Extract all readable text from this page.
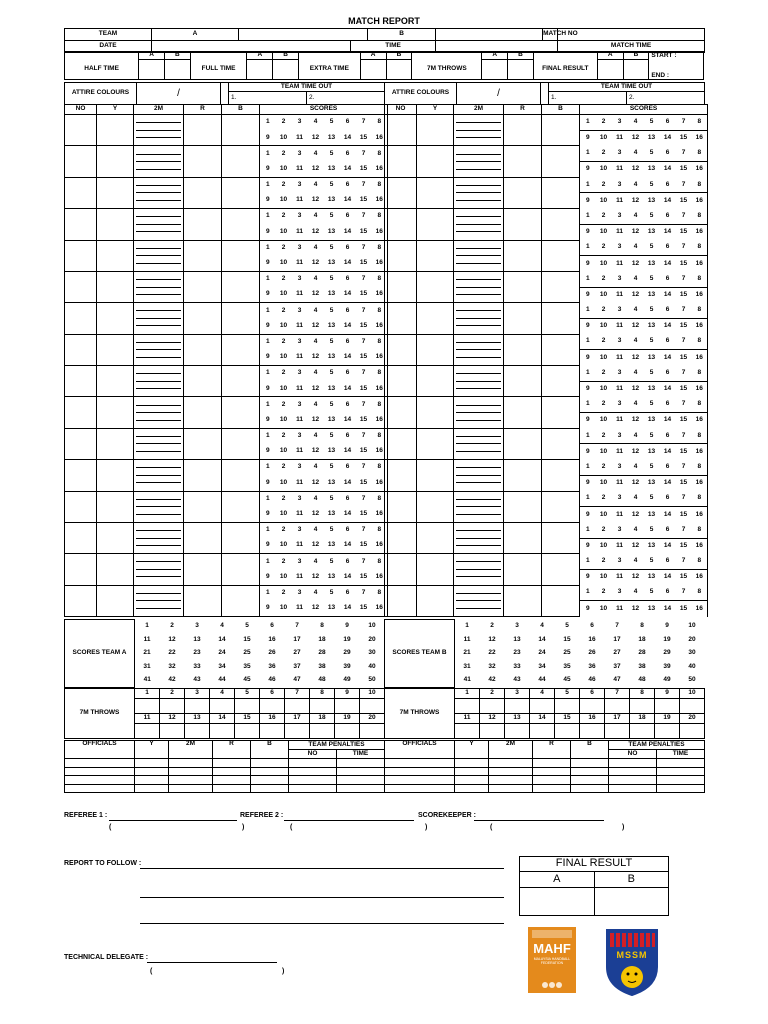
MATCH REPORT
TEAM	A			B		MATCH NO	
DATE			TIME				MATCH TIME
	A	B		A	B		A	B		A	B		A	B	START :
HALF TIME			FULL TIME			EXTRA TIME			7M THROWS			FINAL RESULT			END :
ATTIRE COLOURS	/		TEAM TIME OUT		ATTIRE COLOURS	/		TEAM TIME OUT	
			1.	2.				1.	2.
NO	Y	2M	R	B	SCORES							

			1	2	3	4	5	6	7	8
					9	10	11	12	13	14	15	16

			1	2	3	4	5	6	7	8
					9	10	11	12	13	14	15	16

			1	2	3	4	5	6	7	8
					9	10	11	12	13	14	15	16

			1	2	3	4	5	6	7	8
					9	10	11	12	13	14	15	16

			1	2	3	4	5	6	7	8
					9	10	11	12	13	14	15	16

			1	2	3	4	5	6	7	8
					9	10	11	12	13	14	15	16

			1	2	3	4	5	6	7	8
					9	10	11	12	13	14	15	16

			1	2	3	4	5	6	7	8
					9	10	11	12	13	14	15	16

			1	2	3	4	5	6	7	8
					9	10	11	12	13	14	15	16

			1	2	3	4	5	6	7	8
					9	10	11	12	13	14	15	16

			1	2	3	4	5	6	7	8
					9	10	11	12	13	14	15	16

			1	2	3	4	5	6	7	8
					9	10	11	12	13	14	15	16

			1	2	3	4	5	6	7	8
					9	10	11	12	13	14	15	16

			1	2	3	4	5	6	7	8
					9	10	11	12	13	14	15	16

			1	2	3	4	5	6	7	8
					9	10	11	12	13	14	15	16

			1	2	3	4	5	6	7	8
					9	10	11	12	13	14	15	16
NO	Y	2M	R	B	SCORES							

			1	2	3	4	5	6	7	8
					9	10	11	12	13	14	15	16

			1	2	3	4	5	6	7	8
					9	10	11	12	13	14	15	16

			1	2	3	4	5	6	7	8
					9	10	11	12	13	14	15	16

			1	2	3	4	5	6	7	8
					9	10	11	12	13	14	15	16

			1	2	3	4	5	6	7	8
					9	10	11	12	13	14	15	16

			1	2	3	4	5	6	7	8
					9	10	11	12	13	14	15	16

			1	2	3	4	5	6	7	8
					9	10	11	12	13	14	15	16

			1	2	3	4	5	6	7	8
					9	10	11	12	13	14	15	16

			1	2	3	4	5	6	7	8
					9	10	11	12	13	14	15	16

			1	2	3	4	5	6	7	8
					9	10	11	12	13	14	15	16

			1	2	3	4	5	6	7	8
					9	10	11	12	13	14	15	16

			1	2	3	4	5	6	7	8
					9	10	11	12	13	14	15	16

			1	2	3	4	5	6	7	8
					9	10	11	12	13	14	15	16

			1	2	3	4	5	6	7	8
					9	10	11	12	13	14	15	16

			1	2	3	4	5	6	7	8
					9	10	11	12	13	14	15	16

			1	2	3	4	5	6	7	8
					9	10	11	12	13	14	15	16
SCORES TEAM A	1	2	3	4	5	6	7	8	9	10
	11	12	13	14	15	16	17	18	19	20
	21	22	23	24	25	26	27	28	29	30
	31	32	33	34	35	36	37	38	39	40
	41	42	43	44	45	46	47	48	49	50
SCORES TEAM B	1	2	3	4	5	6	7	8	9	10
	11	12	13	14	15	16	17	18	19	20
	21	22	23	24	25	26	27	28	29	30
	31	32	33	34	35	36	37	38	39	40
	41	42	43	44	45	46	47	48	49	50
7M THROWS	1	2	3	4	5	6	7	8	9	10

	11	12	13	14	15	16	17	18	19	20

7M THROWS	1	2	3	4	5	6	7	8	9	10

	11	12	13	14	15	16	17	18	19	20

OFFICIALS	Y	2M	R	B	TEAM PENALTIES	
					NO	TIME

OFFICIALS	Y	2M	R	B	TEAM PENALTIES	
					NO	TIME

REFEREE 1 :	REFEREE 2 :	SCOREKEEPER :
(	)	(	)	(	)
REPORT TO FOLLOW :
TECHNICAL DELEGATE :
(	)
FINAL RESULT
A	B
MAHF
MALAYSIA HANDBALL FEDERATION
MSSM
